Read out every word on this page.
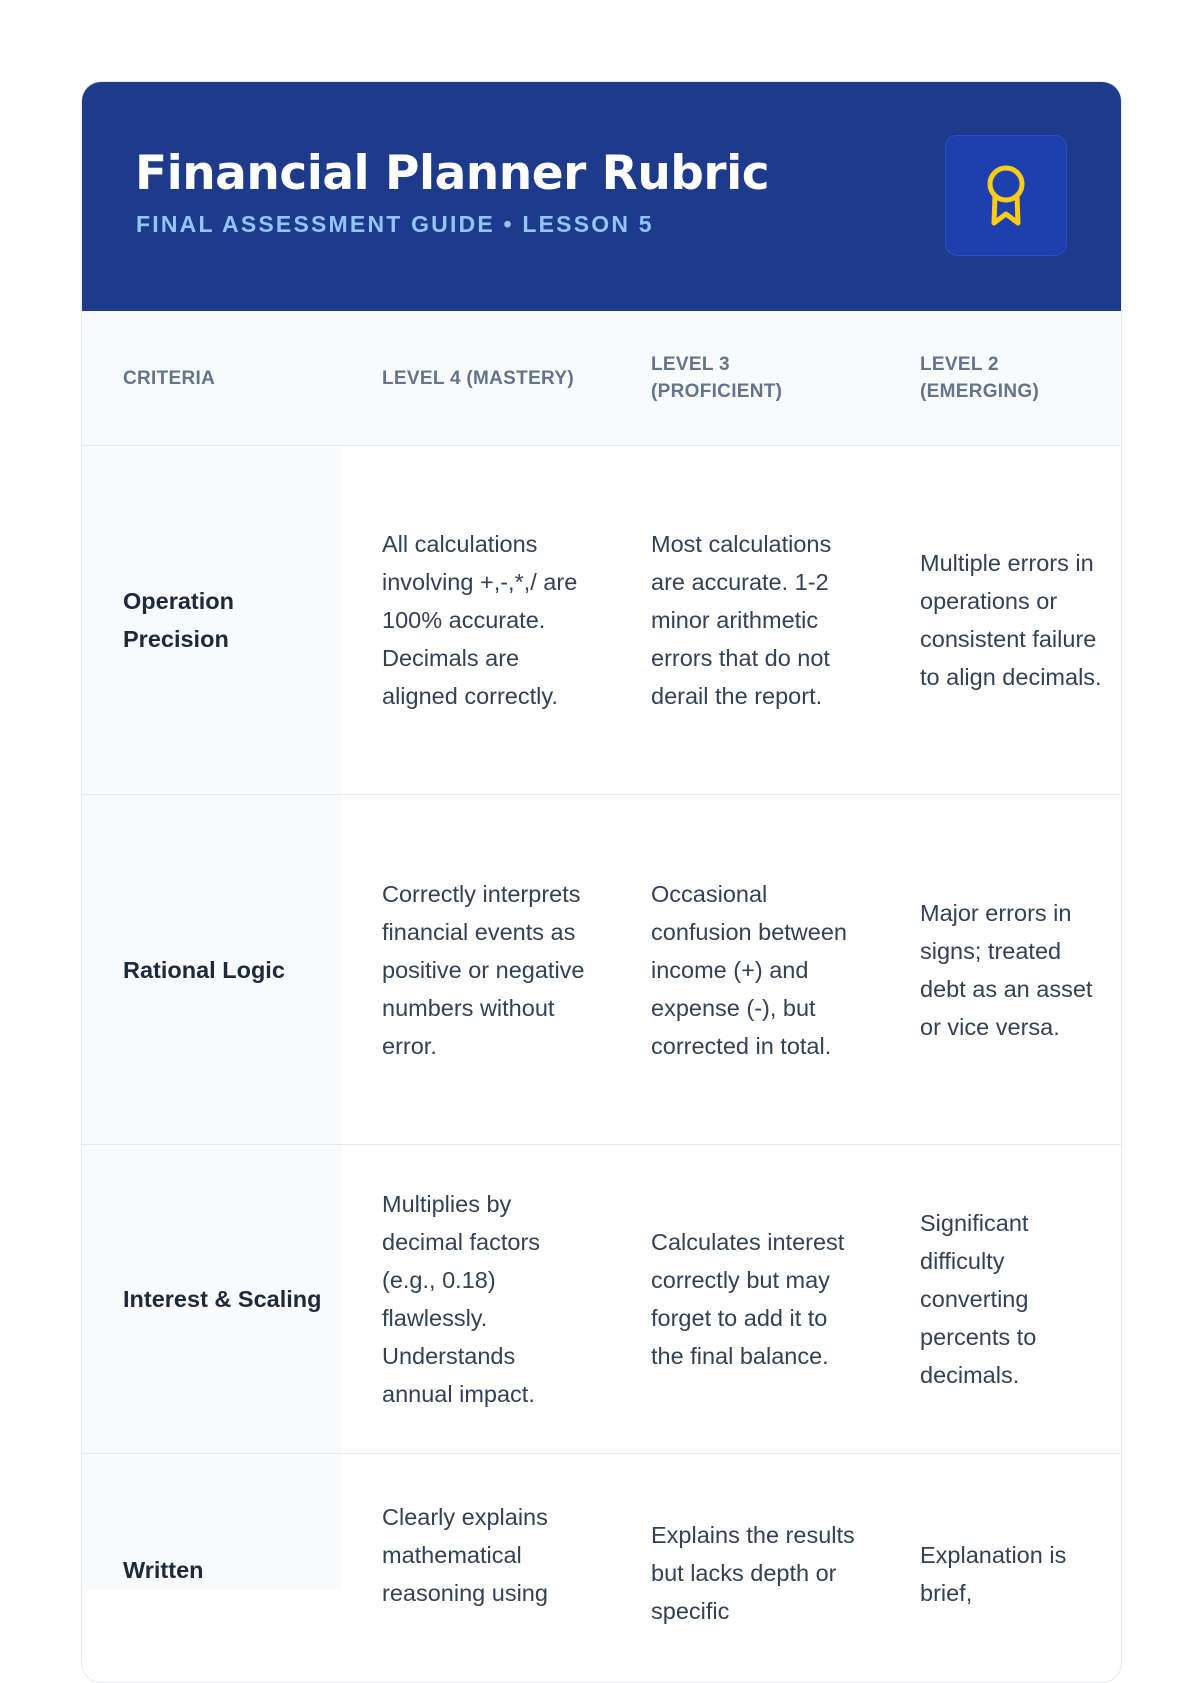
Financial Planner Rubric
FINAL ASSESSMENT GUIDE • LESSON 5
CRITERIA	LEVEL 4 (MASTERY)
LEVEL 3 (PROFICIENT)
LEVEL 2 (EMERGING)
Operation Precision
All calculations involving +,-,*,/ are 100% accurate. Decimals are aligned correctly.
Most calculations are accurate. 1-2 minor arithmetic errors that do not derail the report.
Multiple errors in operations or consistent failure to align decimals.
Rational Logic
Correctly interprets financial events as positive or negative numbers without error.
Occasional confusion between income (+) and expense (-), but corrected in total.
Major errors in signs; treated debt as an asset or vice versa.
Interest & Scaling
Multiplies by decimal factors (e.g., 0.18) flawlessly. Understands annual impact.
Calculates interest correctly but may forget to add it to the final balance.
Significant difficulty converting percents to decimals.
Written
Clearly explains mathematical reasoning using
Explains the results but lacks depth or specific
Explanation is brief,
